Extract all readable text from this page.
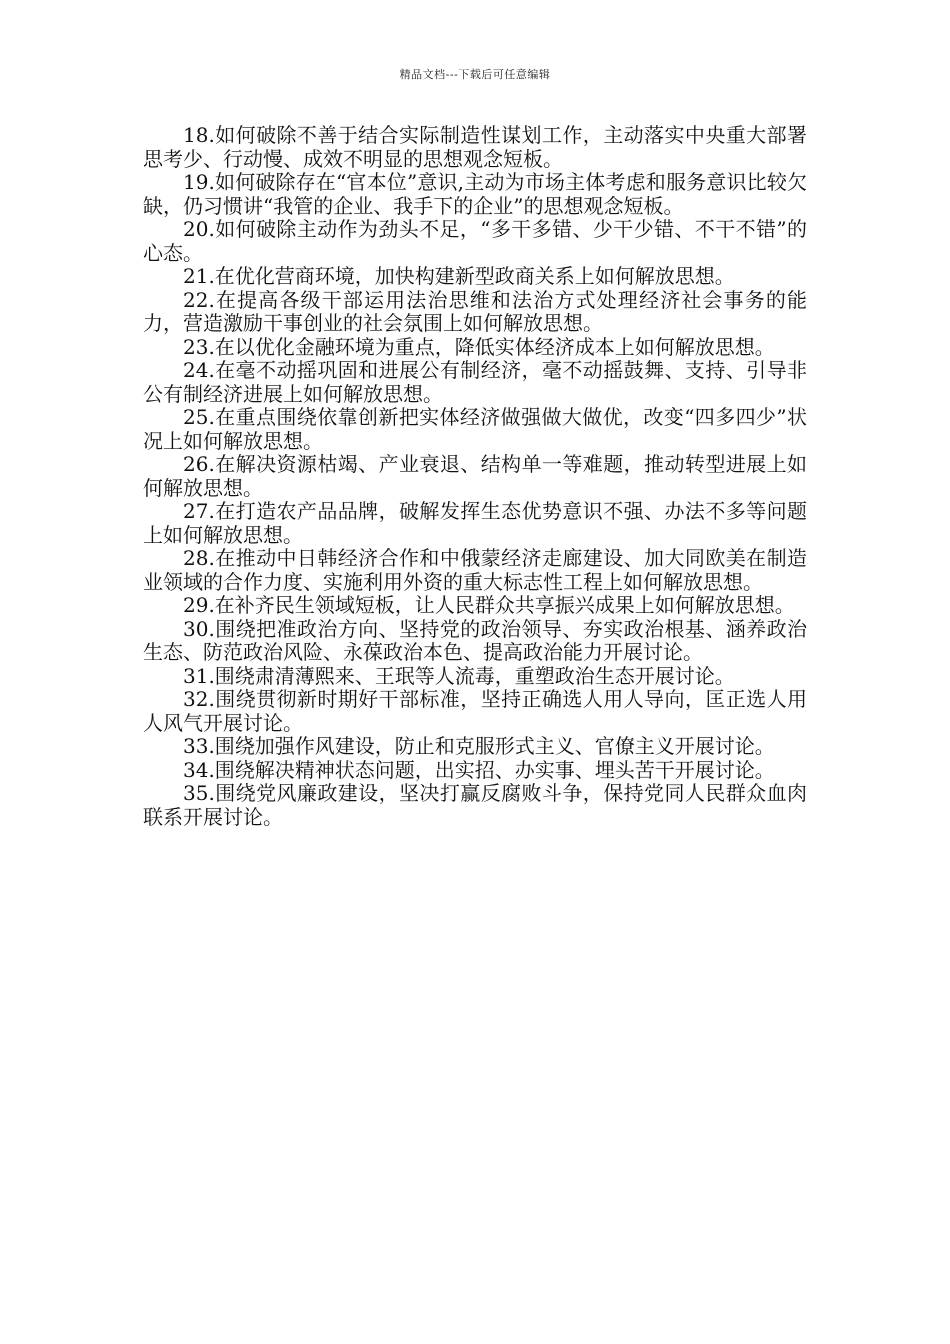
精品文档---下载后可任意编辑

18.如何破除不善于结合实际制造性谋划工作，主动落实中央重大部署思考少、行动慢、成效不明显的思想观念短板。

19.如何破除存在“官本位”意识,主动为市场主体考虑和服务意识比较欠缺，仍习惯讲“我管的企业、我手下的企业”的思想观念短板。

20.如何破除主动作为劲头不足，“多干多错、少干少错、不干不错”的心态。

21.在优化营商环境，加快构建新型政商关系上如何解放思想。

22.在提高各级干部运用法治思维和法治方式处理经济社会事务的能力，营造激励干事创业的社会氛围上如何解放思想。

23.在以优化金融环境为重点，降低实体经济成本上如何解放思想。

24.在毫不动摇巩固和进展公有制经济，毫不动摇鼓舞、支持、引导非公有制经济进展上如何解放思想。

25.在重点围绕依靠创新把实体经济做强做大做优，改变“四多四少”状况上如何解放思想。

26.在解决资源枯竭、产业衰退、结构单一等难题，推动转型进展上如何解放思想。

27.在打造农产品品牌，破解发挥生态优势意识不强、办法不多等问题上如何解放思想。

28.在推动中日韩经济合作和中俄蒙经济走廊建设、加大同欧美在制造业领域的合作力度、实施利用外资的重大标志性工程上如何解放思想。

29.在补齐民生领域短板，让人民群众共享振兴成果上如何解放思想。

30.围绕把准政治方向、坚持党的政治领导、夯实政治根基、涵养政治生态、防范政治风险、永葆政治本色、提高政治能力开展讨论。

31.围绕肃清薄熙来、王珉等人流毒，重塑政治生态开展讨论。

32.围绕贯彻新时期好干部标准，坚持正确选人用人导向，匡正选人用人风气开展讨论。

33.围绕加强作风建设，防止和克服形式主义、官僚主义开展讨论。

34.围绕解决精神状态问题，出实招、办实事、埋头苦干开展讨论。

35.围绕党风廉政建设，坚决打赢反腐败斗争，保持党同人民群众血肉联系开展讨论。
